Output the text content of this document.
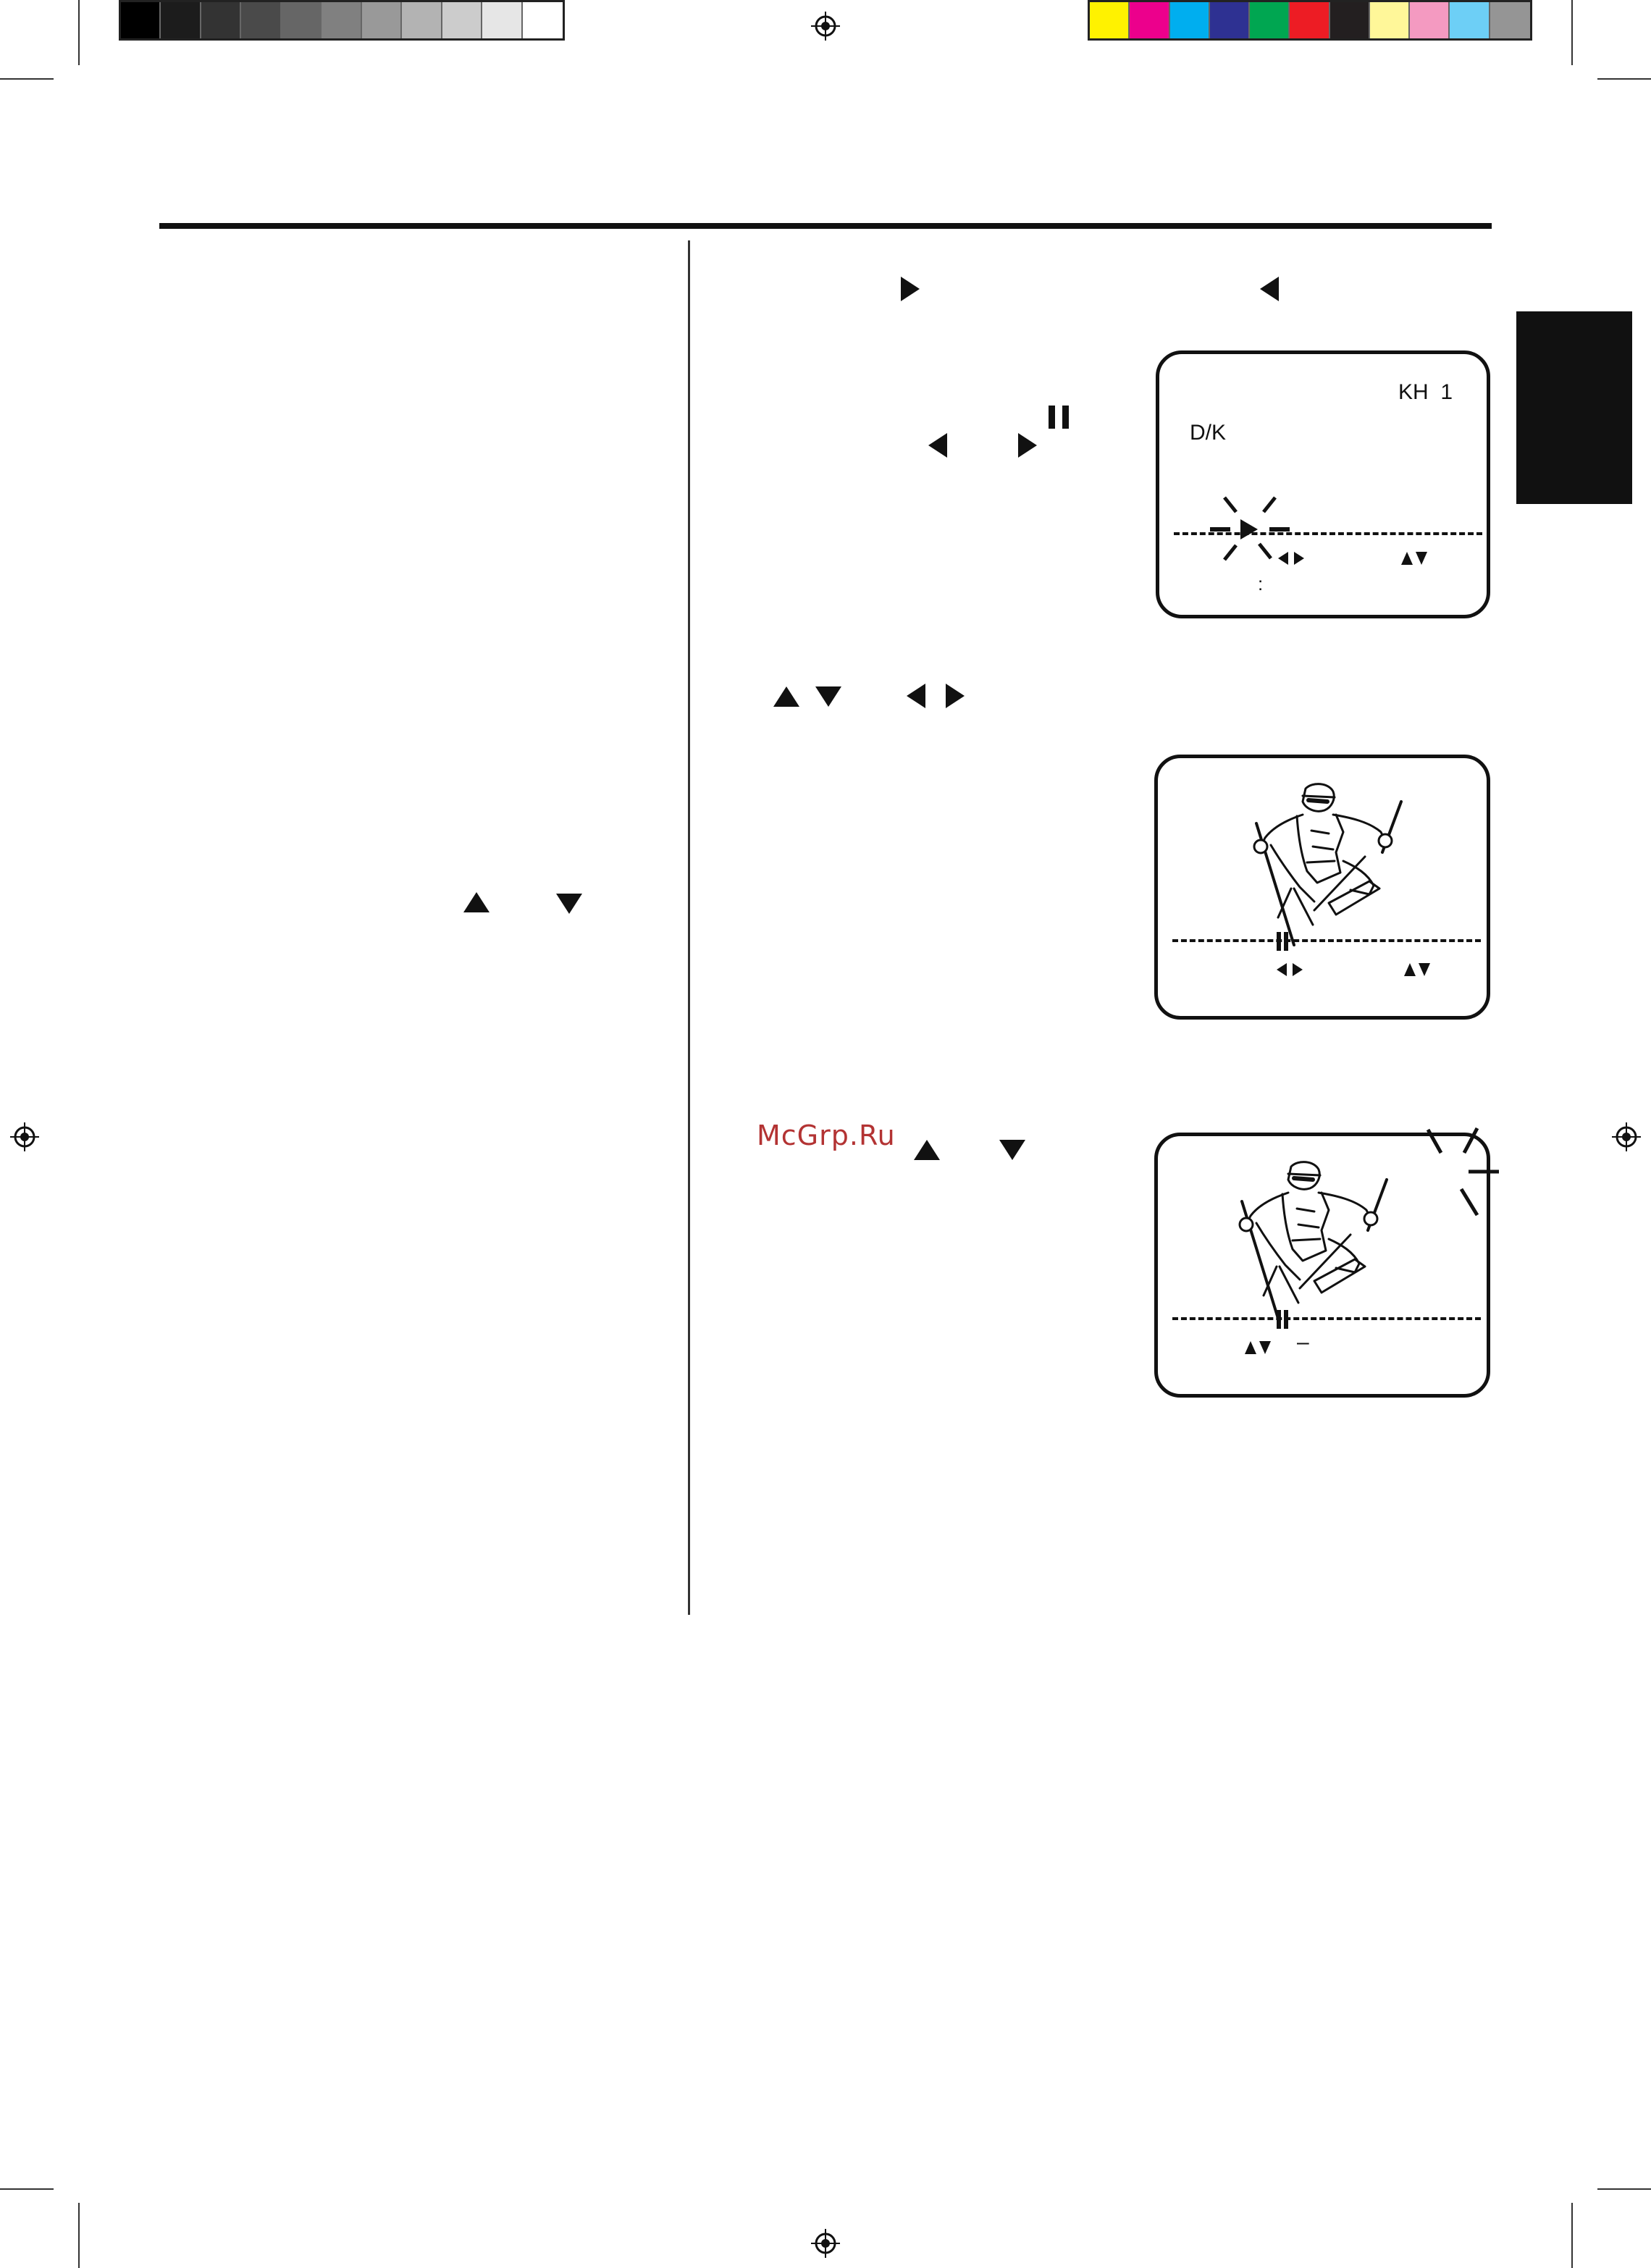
McGrp.Ru
KH  1
D/K
:
–
